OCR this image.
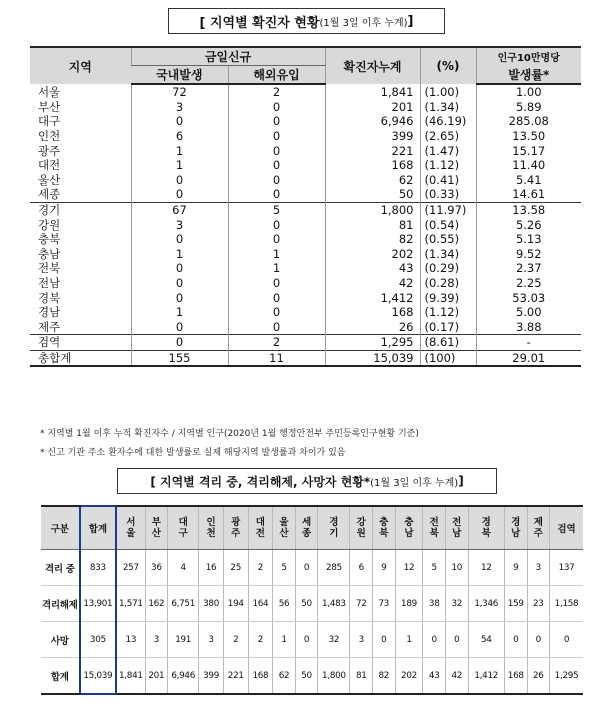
[ 지역별 확진자 현황 (1월 3일 이후 누계) ]
지역	금일신규		확진자누계	(%)	인구10만명당
	국내발생	해외유입			발생률*
서울	72	2	1,841	(1.00)	1.00
부산	3	0	201	(1.34)	5.89
대구	0	0	6,946	(46.19)	285.08
인천	6	0	399	(2.65)	13.50
광주	1	0	221	(1.47)	15.17
대전	1	0	168	(1.12)	11.40
울산	0	0	62	(0.41)	5.41
세종	0	0	50	(0.33)	14.61
경기	67	5	1,800	(11.97)	13.58
강원	3	0	81	(0.54)	5.26
충북	0	0	82	(0.55)	5.13
충남	1	1	202	(1.34)	9.52
전북	0	1	43	(0.29)	2.37
전남	0	0	42	(0.28)	2.25
경북	0	0	1,412	(9.39)	53.03
경남	1	0	168	(1.12)	5.00
제주	0	0	26	(0.17)	3.88
검역	0	2	1,295	(8.61)	-
총합계	155	11	15,039	(100)	29.01
* 지역별 1월 이후 누적 확진자수 / 지역별 인구(2020년 1월 행정안전부 주민등록인구현황 기준)
* 신고 기관 주소 환자수에 대한 발생률로 실제 해당지역 발생률과 차이가 있음
[ 지역별 격리 중, 격리해제, 사망자 현황* (1월 3일 이후 누계) ]
구분	합계	서울	부산	대구	인천	광주	대전	울산	세종	경기	강원	충북	충남	전북	전남	경북	경남	제주	검역
격리 중	833	257	36	4	16	25	2	5	0	285	6	9	12	5	10	12	9	3	137
격리해제	13,901	1,571	162	6,751	380	194	164	56	50	1,483	72	73	189	38	32	1,346	159	23	1,158
사망	305	13	3	191	3	2	2	1	0	32	3	0	1	0	0	54	0	0	0
합계	15,039	1,841	201	6,946	399	221	168	62	50	1,800	81	82	202	43	42	1,412	168	26	1,295
